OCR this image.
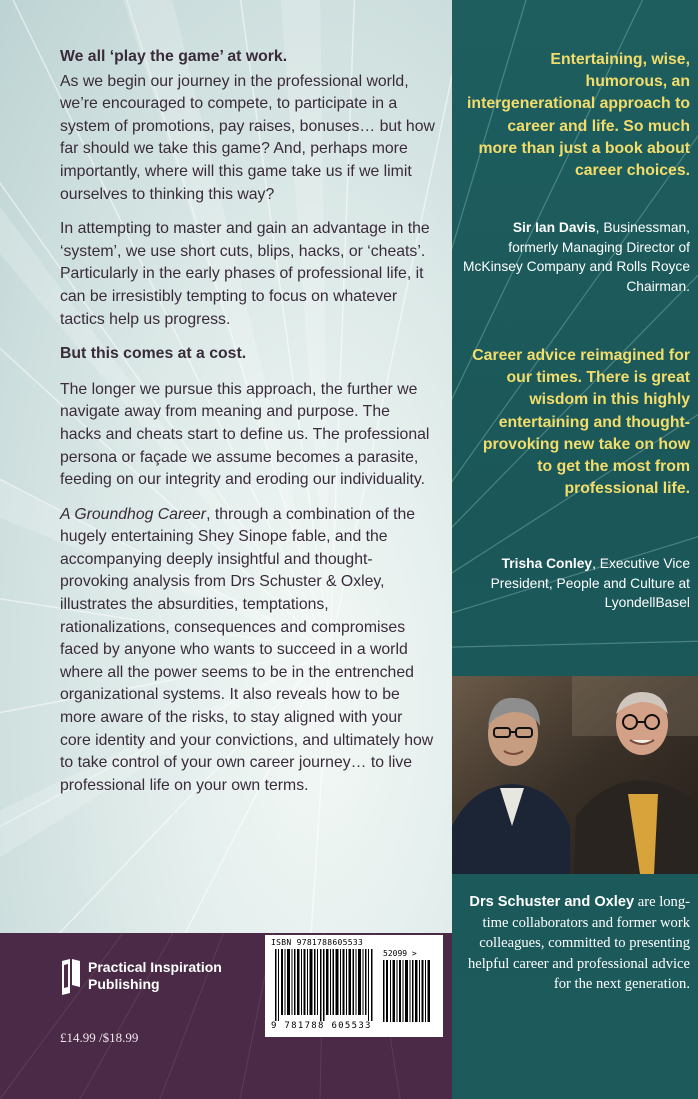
We all ‘play the game’ at work.

As we begin our journey in the professional world, we’re encouraged to compete, to participate in a system of promotions, pay raises, bonuses… but how far should we take this game? And, perhaps more importantly, where will this game take us if we limit ourselves to thinking this way?

In attempting to master and gain an advantage in the ‘system’, we use short cuts, blips, hacks, or ‘cheats’. Particularly in the early phases of professional life, it can be irresistibly tempting to focus on whatever tactics help us progress.

But this comes at a cost.

The longer we pursue this approach, the further we navigate away from meaning and purpose. The hacks and cheats start to define us. The professional persona or façade we assume becomes a parasite, feeding on our integrity and eroding our individuality.

A Groundhog Career, through a combination of the hugely entertaining Shey Sinope fable, and the accompanying deeply insightful and thought-provoking analysis from Drs Schuster & Oxley, illustrates the absurdities, temptations, rationalizations, consequences and compromises faced by anyone who wants to succeed in a world where all the power seems to be in the entrenched organizational systems. It also reveals how to be more aware of the risks, to stay aligned with your core identity and your convictions, and ultimately how to take control of your own career journey… to live professional life on your own terms.

Practical Inspiration
Publishing
£14.99 /$18.99
ISBN 9781788605533
52099 >
9 781788 605533
Entertaining, wise, humorous, an intergenerational approach to career and life. So much more than just a book about career choices.
Sir Ian Davis, Businessman, formerly Managing Director of McKinsey Company and Rolls Royce Chairman.
Career advice reimagined for our times. There is great wisdom in this highly entertaining and thought-provoking new take on how to get the most from professional life.
Trisha Conley, Executive Vice President, People and Culture at LyondellBasel
Drs Schuster and Oxley are long-time collaborators and former work colleagues, committed to presenting helpful career and professional advice for the next generation.
